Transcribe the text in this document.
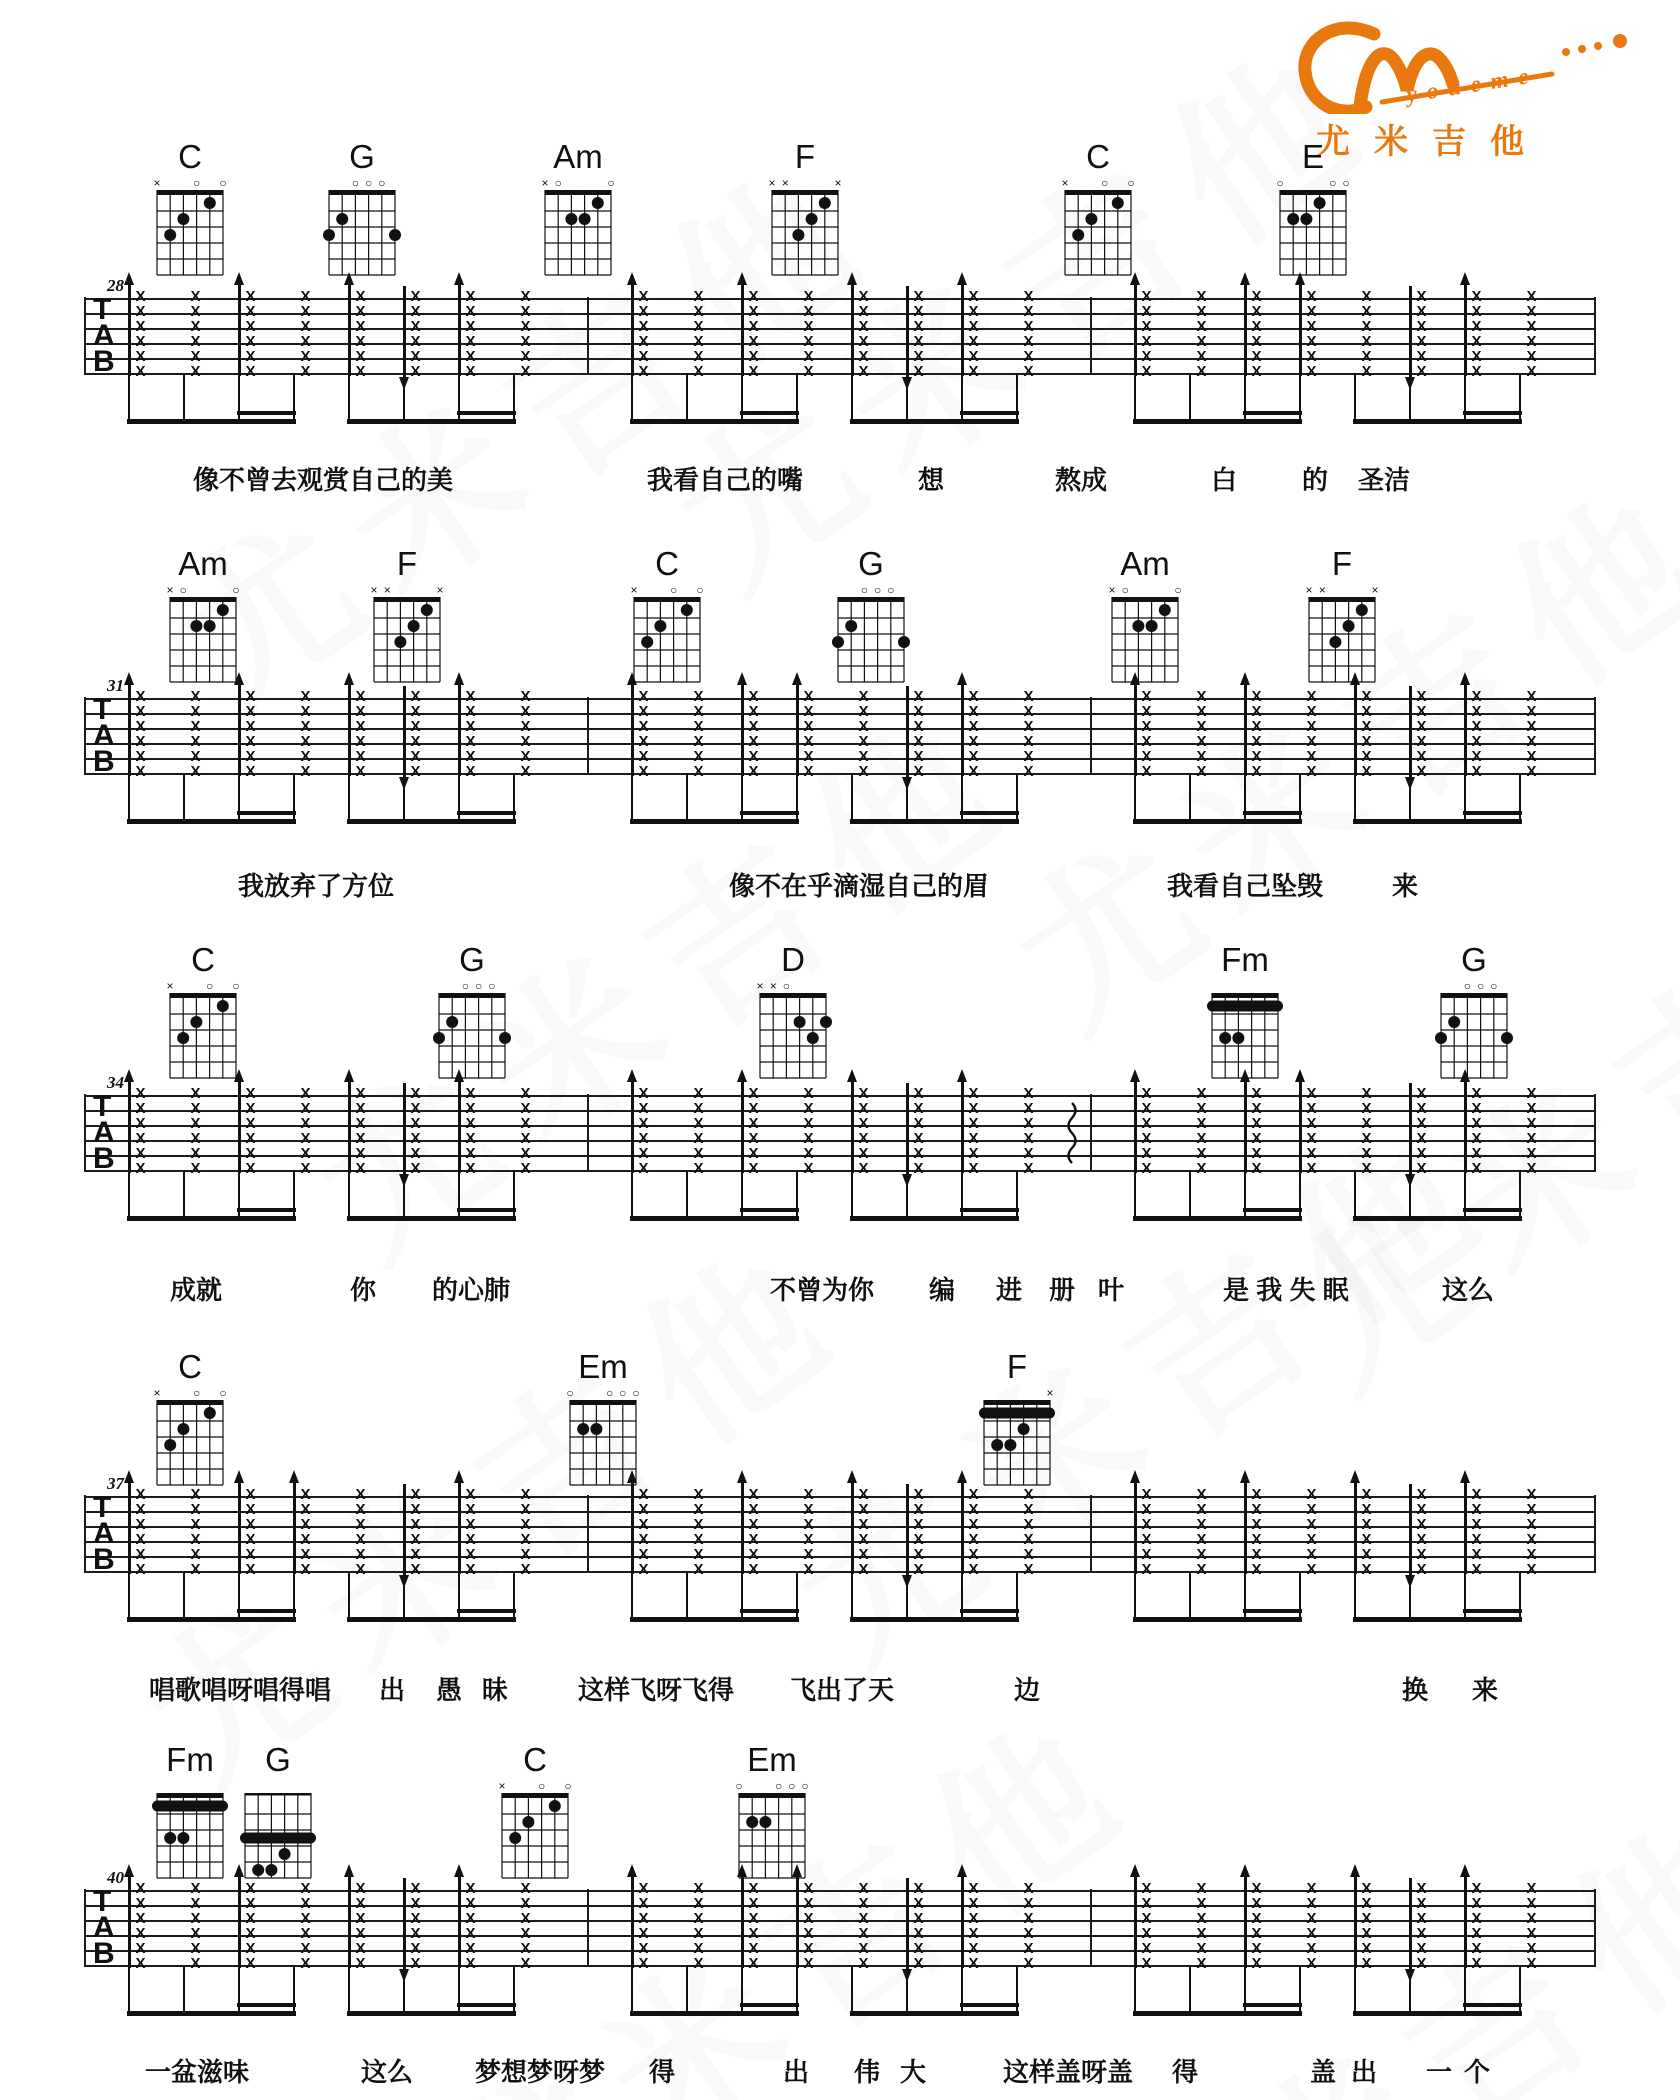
youeme
尤米吉他
C
×	○ ○
G
○ ○ ○
Am
× ○	○
F
× ×	×
C
×	○ ○
E
○	○ ○
T
A
B
28
X
X
X
X
X
X
X
X
X
X
X
X
X
X
X
X
X
X
X
X
X
X
X
X
X
X
X
X
X
X
X
X
X
X
X
X
X
X
X
X
X
X
X
X
X
X
X
X
X
X
X
X
X
X
X
X
X
X
X
X
X
X
X
X
X
X
X
X
X
X
X
X
X
X
X
X
X
X
X
X
X
X
X
X
X
X
X
X
X
X
X
X
X
X
X
X
X
X
X
X
X
X
X
X
X
X
X
X
X
X
X
X
X
X
X
X
X
X
X
X
X
X
X
X
X
X
X
X
X
X
X
X
X
X
X
X
X
X
X
X
X
X
X
X
像不曾去观赏自己的美	我看自己的嘴	想	熬成	白 的 圣洁
Am
× ○	○
F
× ×	×
C
×	○ ○
G
○ ○ ○
Am
× ○	○
F
× ×	×
T
A
B
31
X
X
X
X
X
X
X
X
X
X
X
X
X
X
X
X
X
X
X
X
X
X
X
X
X
X
X
X
X
X
X
X
X
X
X
X
X
X
X
X
X
X
X
X
X
X
X
X
X
X
X
X
X
X
X
X
X
X
X
X
X
X
X
X
X
X
X
X
X
X
X
X
X
X
X
X
X
X
X
X
X
X
X
X
X
X
X
X
X
X
X
X
X
X
X
X
X
X
X
X
X
X
X
X
X
X
X
X
X
X
X
X
X
X
X
X
X
X
X
X
X
X
X
X
X
X
X
X
X
X
X
X
X
X
X
X
X
X
X
X
X
X
X
X
我放弃了方位	像不在乎滴湿自己的眉	我看自己坠毁	来
C
×	○ ○
G
○ ○ ○
D
× × ○
Fm	G
○ ○ ○
T
A
B
34
X
X
X
X
X
X
X
X
X
X
X
X
X
X
X
X
X
X
X
X
X
X
X
X
X
X
X
X
X
X
X
X
X
X
X
X
X
X
X
X
X
X
X
X
X
X
X
X
X
X
X
X
X
X
X
X
X
X
X
X
X
X
X
X
X
X
X
X
X
X
X
X
X
X
X
X
X
X
X
X
X
X
X
X
X
X
X
X
X
X
X
X
X
X
X
X
X
X
X
X
X
X
X
X
X
X
X
X
X
X
X
X
X
X
X
X
X
X
X
X
X
X
X
X
X
X
X
X
X
X
X
X
X
X
X
X
X
X
X
X
X
X
X
X
成就	你 的心肺	不曾为你 编 进 册 叶	是 我 失 眠	这么
C
×	○ ○
Em
○	○ ○ ○
F
×
T
A
B
37
X
X
X
X
X
X
X
X
X
X
X
X
X
X
X
X
X
X
X
X
X
X
X
X
X
X
X
X
X
X
X
X
X
X
X
X
X
X
X
X
X
X
X
X
X
X
X
X
X
X
X
X
X
X
X
X
X
X
X
X
X
X
X
X
X
X
X
X
X
X
X
X
X
X
X
X
X
X
X
X
X
X
X
X
X
X
X
X
X
X
X
X
X
X
X
X
X
X
X
X
X
X
X
X
X
X
X
X
X
X
X
X
X
X
X
X
X
X
X
X
X
X
X
X
X
X
X
X
X
X
X
X
X
X
X
X
X
X
X
X
X
X
X
X
唱歌唱呀唱得唱 出 愚 昧	这样飞呀飞得 飞出了天	边	换 来
Fm	G	C
×	○ ○
Em
○	○ ○ ○
T
A
B
40
X
X
X
X
X
X
X
X
X
X
X
X
X
X
X
X
X
X
X
X
X
X
X
X
X
X
X
X
X
X
X
X
X
X
X
X
X
X
X
X
X
X
X
X
X
X
X
X
X
X
X
X
X
X
X
X
X
X
X
X
X
X
X
X
X
X
X
X
X
X
X
X
X
X
X
X
X
X
X
X
X
X
X
X
X
X
X
X
X
X
X
X
X
X
X
X
X
X
X
X
X
X
X
X
X
X
X
X
X
X
X
X
X
X
X
X
X
X
X
X
X
X
X
X
X
X
X
X
X
X
X
X
X
X
X
X
X
X
X
X
X
X
X
X
一盆滋味	这么 梦想梦呀梦 得	出 伟 大	这样盖呀盖 得	盖 出 一 个
